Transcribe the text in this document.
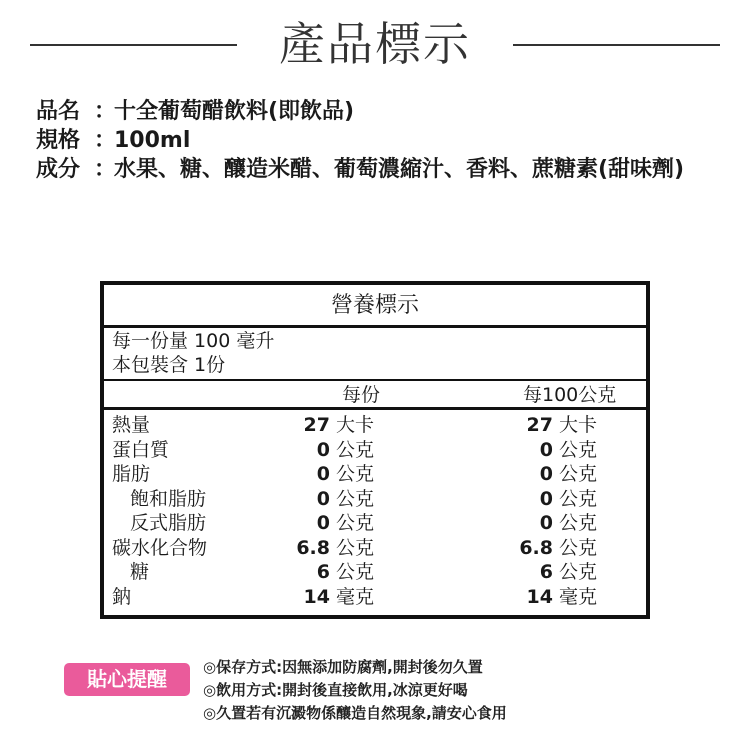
產品標示
品名 ：
十全葡萄醋飲料(即飲品)
規格 ：
100ml
成分 ：
水果、糖、釀造米醋、葡萄濃縮汁、香料、蔗糖素(甜味劑)
營養標示
每一份量 100 毫升
本包裝含 1份
每份	每100公克
熱量	27 大卡	27 大卡
蛋白質	0 公克	0 公克
脂肪	0 公克	0 公克
飽和脂肪	0 公克	0 公克
反式脂肪	0 公克	0 公克
碳水化合物	6.8 公克	6.8 公克
糖	6 公克	6 公克
鈉	14 毫克	14 毫克
貼心提醒	◎保存方式:因無添加防腐劑,開封後勿久置
◎飲用方式:開封後直接飲用,冰涼更好喝
◎久置若有沉澱物係釀造自然現象,請安心食用
